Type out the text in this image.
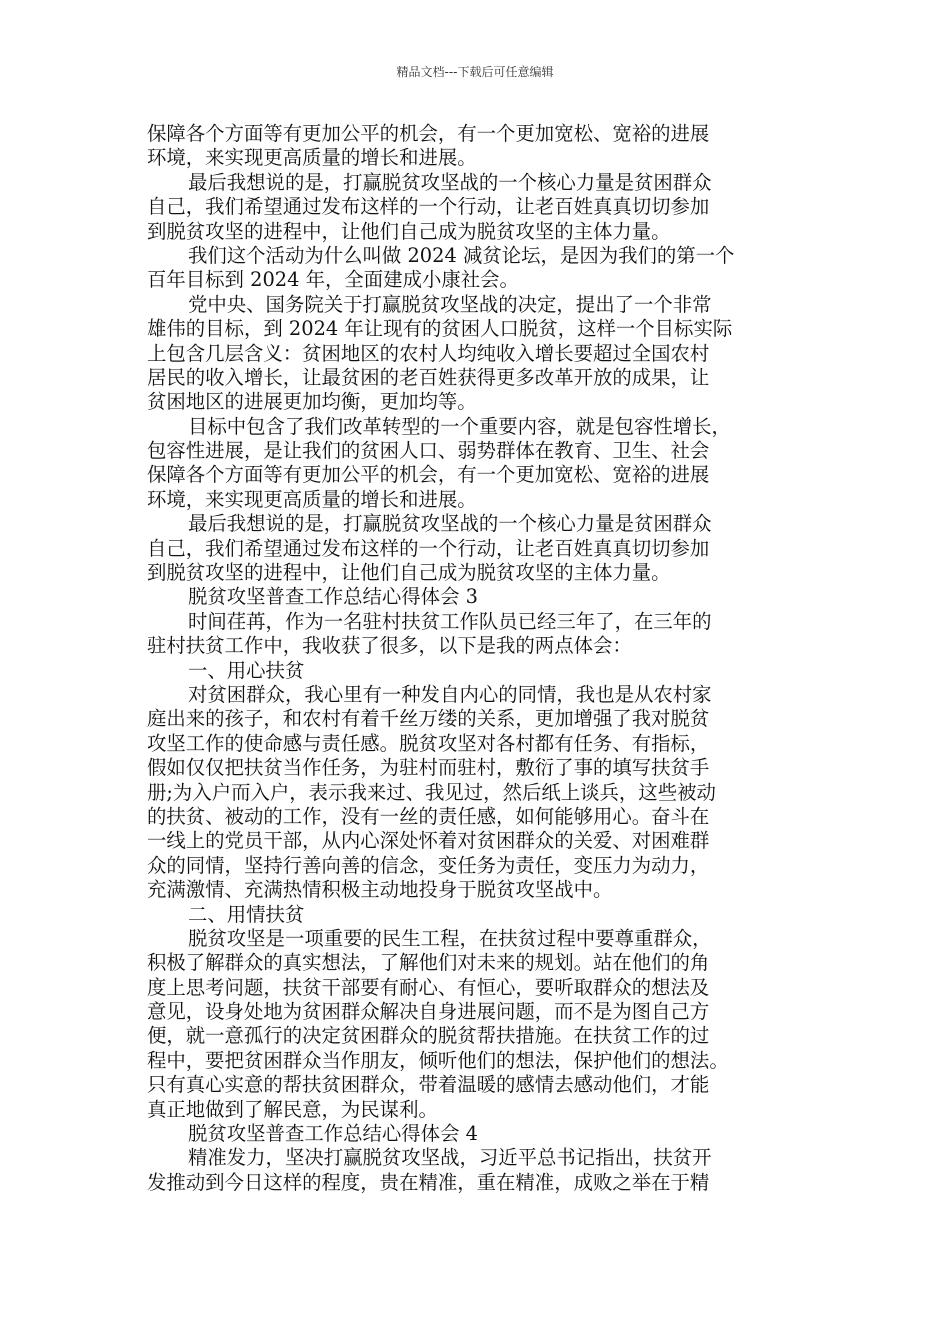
精品文档---下载后可任意编辑
保障各个方面等有更加公平的机会，有一个更加宽松、宽裕的进展
环境，来实现更高质量的增长和进展。
最后我想说的是，打赢脱贫攻坚战的一个核心力量是贫困群众
自己，我们希望通过发布这样的一个行动，让老百姓真真切切参加
到脱贫攻坚的进程中，让他们自己成为脱贫攻坚的主体力量。
我们这个活动为什么叫做 2024 减贫论坛，是因为我们的第一个
百年目标到 2024 年，全面建成小康社会。
党中央、国务院关于打赢脱贫攻坚战的决定，提出了一个非常
雄伟的目标，到 2024 年让现有的贫困人口脱贫，这样一个目标实际
上包含几层含义：贫困地区的农村人均纯收入增长要超过全国农村
居民的收入增长，让最贫困的老百姓获得更多改革开放的成果，让
贫困地区的进展更加均衡，更加均等。
目标中包含了我们改革转型的一个重要内容，就是包容性增长，
包容性进展，是让我们的贫困人口、弱势群体在教育、卫生、社会
保障各个方面等有更加公平的机会，有一个更加宽松、宽裕的进展
环境，来实现更高质量的增长和进展。
最后我想说的是，打赢脱贫攻坚战的一个核心力量是贫困群众
自己，我们希望通过发布这样的一个行动，让老百姓真真切切参加
到脱贫攻坚的进程中，让他们自己成为脱贫攻坚的主体力量。
脱贫攻坚普查工作总结心得体会 3
时间荏苒，作为一名驻村扶贫工作队员已经三年了，在三年的
驻村扶贫工作中，我收获了很多，以下是我的两点体会：
一、用心扶贫
对贫困群众，我心里有一种发自内心的同情，我也是从农村家
庭出来的孩子，和农村有着千丝万缕的关系，更加增强了我对脱贫
攻坚工作的使命感与责任感。脱贫攻坚对各村都有任务、有指标，
假如仅仅把扶贫当作任务，为驻村而驻村，敷衍了事的填写扶贫手
册;为入户而入户，表示我来过、我见过，然后纸上谈兵，这些被动
的扶贫、被动的工作，没有一丝的责任感，如何能够用心。奋斗在
一线上的党员干部，从内心深处怀着对贫困群众的关爱、对困难群
众的同情，坚持行善向善的信念，变任务为责任，变压力为动力，
充满激情、充满热情积极主动地投身于脱贫攻坚战中。
二、用情扶贫
脱贫攻坚是一项重要的民生工程，在扶贫过程中要尊重群众，
积极了解群众的真实想法，了解他们对未来的规划。站在他们的角
度上思考问题，扶贫干部要有耐心、有恒心，要听取群众的想法及
意见，设身处地为贫困群众解决自身进展问题，而不是为图自己方
便，就一意孤行的决定贫困群众的脱贫帮扶措施。在扶贫工作的过
程中，要把贫困群众当作朋友，倾听他们的想法，保护他们的想法。
只有真心实意的帮扶贫困群众，带着温暖的感情去感动他们，才能
真正地做到了解民意，为民谋利。
脱贫攻坚普查工作总结心得体会 4
精准发力，坚决打赢脱贫攻坚战，习近平总书记指出，扶贫开
发推动到今日这样的程度，贵在精准，重在精准，成败之举在于精
